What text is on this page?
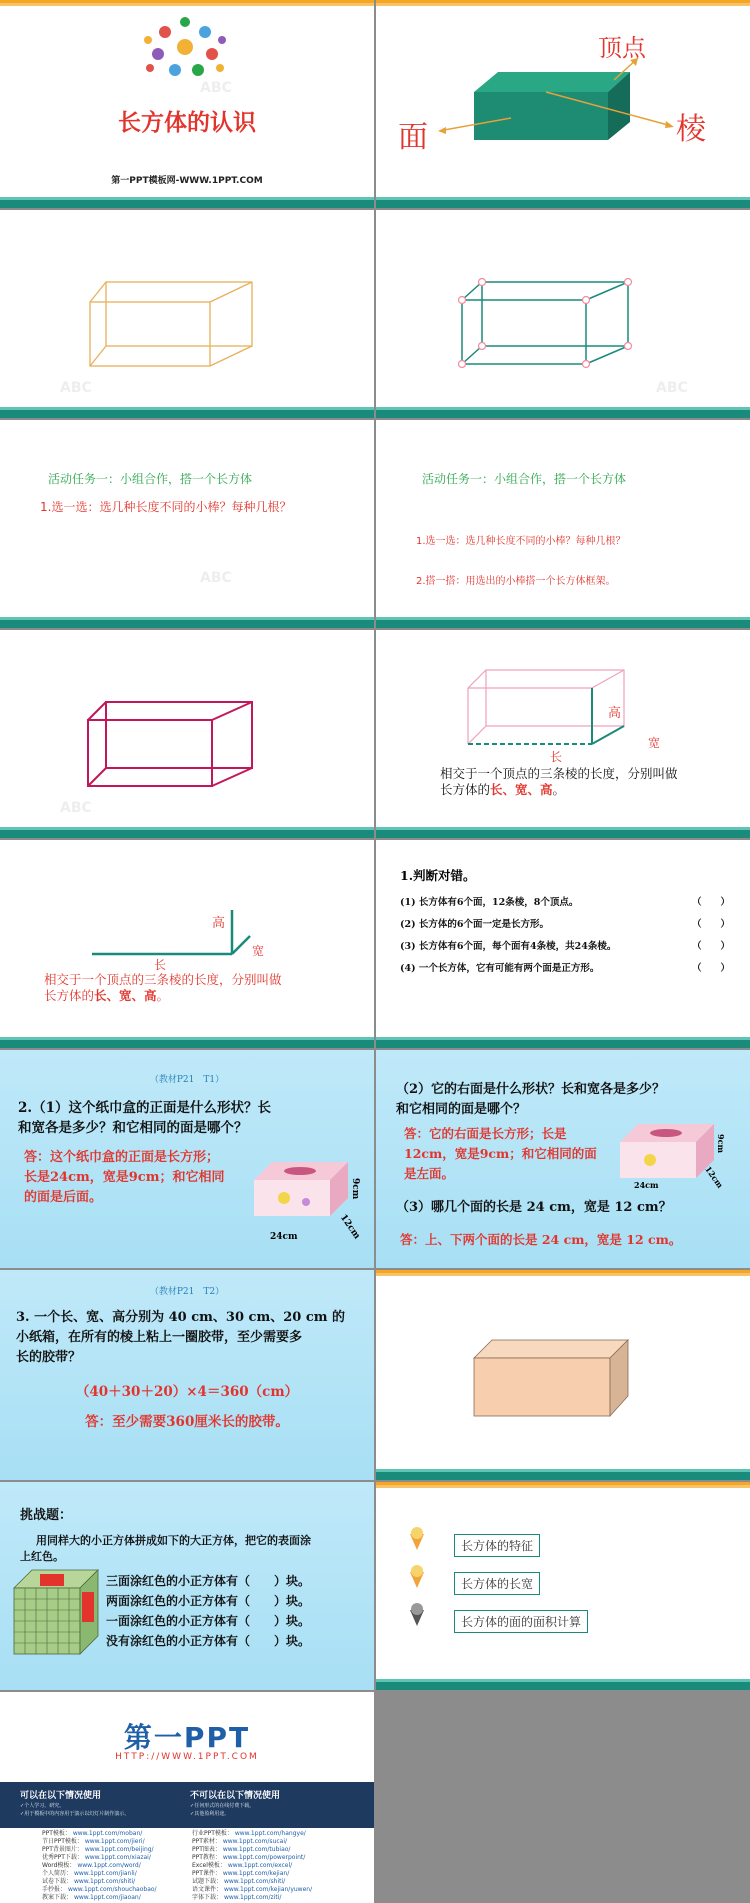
ABC
长方体的认识
第一PPT模板网-WWW.1PPT.COM
顶点
面	棱
ABC	ABC
ABC
活动任务一：小组合作，搭一个长方体
1.选一选：选几种长度不同的小棒？每种几根？
活动任务一：小组合作，搭一个长方体
1.选一选：选几种长度不同的小棒？每种几根？
2.搭一搭：用选出的小棒搭一个长方体框架。
ABC
高
宽
长
相交于一个顶点的三条棱的长度，分别叫做
长方体的长、宽、高。
高
宽
长
相交于一个顶点的三条棱的长度，分别叫做
长方体的长、宽、高。
1.判断对错。
(1) 长方体有6个面，12条棱，8个顶点。	（　　）
(2) 长方体的6个面一定是长方形。	（　　）
(3) 长方体有6个面，每个面有4条棱，共24条棱。	（　　）
(4) 一个长方体，它有可能有两个面是正方形。	（　　）
（教材P21　T1）
2.（1）这个纸巾盒的正面是什么形状？长
和宽各是多少？和它相同的面是哪个？
答：这个纸巾盒的正面是长方形；
长是24cm，宽是9cm；和它相同
的面是后面。
24cm
9cm
12cm
（2）它的右面是什么形状？长和宽各是多少？
和它相同的面是哪个？
答：它的右面是长方形；长是
12cm，宽是9cm；和它相同的面
是左面。
24cm
9cm
12cm
（3）哪几个面的长是 24 cm，宽是 12 cm？
答：上、下两个面的长是 24 cm，宽是 12 cm。
（教材P21　T2）
3. 一个长、宽、高分别为 40 cm、30 cm、20 cm 的
小纸箱，在所有的棱上粘上一圈胶带，至少需要多
长的胶带？
（40＋30＋20）×4＝360（cm）
答：至少需要360厘米长的胶带。
挑战题：
用同样大的小正方体拼成如下的大正方体，把它的表面涂
上红色。
三面涂红色的小正方体有（　　）块。
两面涂红色的小正方体有（　　）块。
一面涂红色的小正方体有（　　）块。
没有涂红色的小正方体有（　　）块。
长方体的特征
长方体的长宽
长方体的面的面积计算
第一PPT
HTTP://WWW.1PPT.COM
可以在以下情况使用
✓个人学习、研究。
✓用于模板中的内容用于演示以幻灯片制作演示。
不可以在以下情况使用
✓任何形式的在线付费下载。
✓其他盈利用途。
PPT模板： www.1ppt.com/moban/
节日PPT模板： www.1ppt.com/jieri/
PPT背景图片： www.1ppt.com/beijing/
优秀PPT下载： www.1ppt.com/xiazai/
Word模板： www.1ppt.com/word/
个人简历： www.1ppt.com/jianli/
试卷下载： www.1ppt.com/shiti/
手抄报： www.1ppt.com/shouchaobao/
教案下载： www.1ppt.com/jiaoan/
行业PPT模板： www.1ppt.com/hangye/
PPT素材： www.1ppt.com/sucai/
PPT图表： www.1ppt.com/tubiao/
PPT教程： www.1ppt.com/powerpoint/
Excel模板： www.1ppt.com/excel/
PPT课件： www.1ppt.com/kejian/
试题下载： www.1ppt.com/shiti/
语文课件： www.1ppt.com/kejian/yuwen/
字体下载： www.1ppt.com/ziti/
